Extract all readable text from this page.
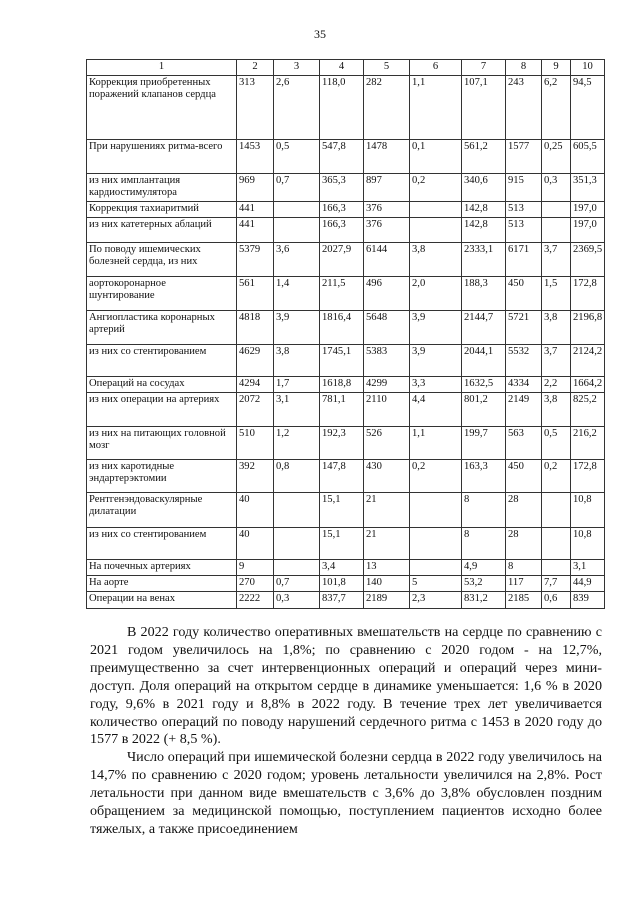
35
1	2	3	4	5	6	7	8	9	10
Коррекция приобретенных поражений клапанов сердца	313	2,6	118,0	282	1,1	107,1	243	6,2	94,5
При нарушениях ритма-всего	1453	0,5	547,8	1478	0,1	561,2	1577	0,25	605,5
из них имплантация кардиостимулятора	969	0,7	365,3	897	0,2	340,6	915	0,3	351,3
Коррекция тахиаритмий	441		166,3	376		142,8	513		197,0
из них катетерных аблаций	441		166,3	376		142,8	513		197,0
По поводу ишемических болезней сердца, из них	5379	3,6	2027,9	6144	3,8	2333,1	6171	3,7	2369,5
аортокоронарное шунтирование	561	1,4	211,5	496	2,0	188,3	450	1,5	172,8
Ангиопластика коронарных артерий	4818	3,9	1816,4	5648	3,9	2144,7	5721	3,8	2196,8
из них со стентированием	4629	3,8	1745,1	5383	3,9	2044,1	5532	3,7	2124,2
Операций на сосудах	4294	1,7	1618,8	4299	3,3	1632,5	4334	2,2	1664,2
из них операции на артериях	2072	3,1	781,1	2110	4,4	801,2	2149	3,8	825,2
из них на питающих головной мозг	510	1,2	192,3	526	1,1	199,7	563	0,5	216,2
из них каротидные эндартерэктомии	392	0,8	147,8	430	0,2	163,3	450	0,2	172,8
Рентгенэндоваскулярные дилатации	40		15,1	21		8	28		10,8
из них со стентированием	40		15,1	21		8	28		10,8
На почечных артериях	9		3,4	13		4,9	8		3,1
На аорте	270	0,7	101,8	140	5	53,2	117	7,7	44,9
Операции на венах	2222	0,3	837,7	2189	2,3	831,2	2185	0,6	839

В 2022 году количество оперативных вмешательств на сердце по сравнению с 2021 годом увеличилось на 1,8%; по сравнению с 2020 годом - на 12,7%, преимущественно за счет интервенционных операций и операций через мини-доступ. Доля операций на открытом сердце в динамике уменьшается: 1,6 % в 2020 году, 9,6% в 2021 году и 8,8% в 2022 году. В течение трех лет увеличивается количество операций по поводу нарушений сердечного ритма с 1453 в 2020 году до 1577 в 2022 (+ 8,5 %).

Число операций при ишемической болезни сердца в 2022 году увеличилось на 14,7% по сравнению с 2020 годом; уровень летальности увеличился на 2,8%. Рост летальности при данном виде вмешательств с 3,6% до 3,8% обусловлен поздним обращением за медицинской помощью, поступлением пациентов исходно более тяжелых, а также присоединением
